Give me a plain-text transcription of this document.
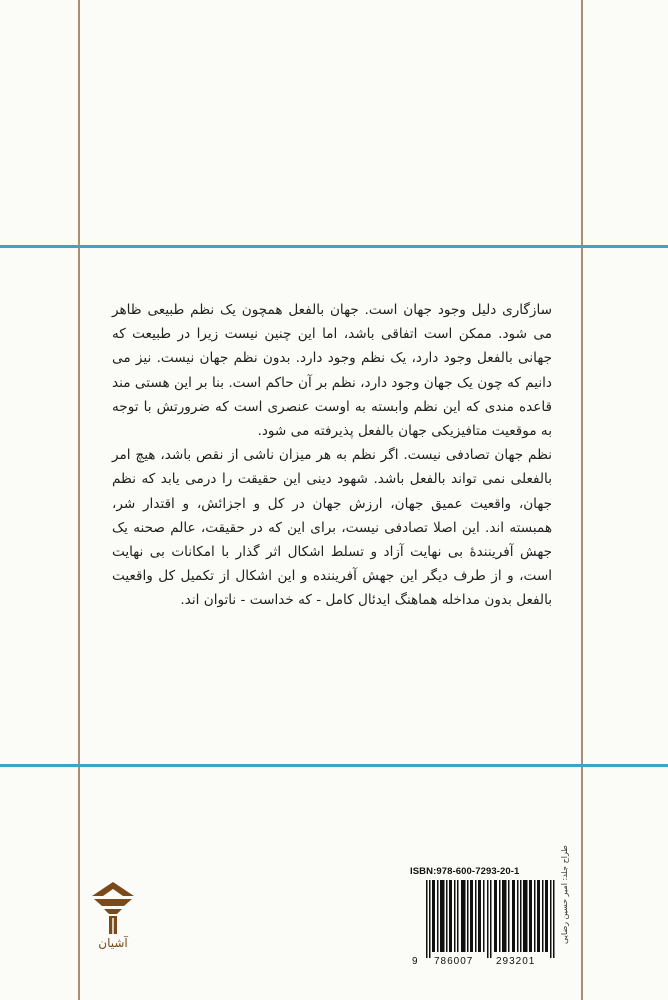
سازگاری دلیل وجود جهان است. جهان بالفعل همچون یک نظم طبیعی ظاهر می شود. ممکن است اتفاقی باشد، اما این چنین نیست زیرا در طبیعت که جهانی بالفعل وجود دارد، یک نظم وجود دارد. بدون نظم جهان نیست. نیز می دانیم که چون یک جهان وجود دارد، نظم بر آن حاکم است. بنا بر این هستی مند قاعده مندی که این نظم وابسته به اوست عنصری است که ضرورتش با توجه به موقعیت متافیزیکی جهان بالفعل پذیرفته می شود.

نظم جهان تصادفی نیست. اگر نظم به هر میزان ناشی از نقص باشد، هیچ امر بالفعلی نمی تواند بالفعل باشد. شهود دینی این حقیقت را درمی یابد که نظم جهان، واقعیت عمیق جهان، ارزش جهان در کل و اجزائش، و اقتدار شر، همبسته اند. این اصلا تصادفی نیست، برای این که در حقیقت، عالم صحنه یک جهش آفرینندهٔ بی نهایت آزاد و تسلط اشکال اثر گذار با امکانات بی نهایت است، و از طرف دیگر این جهش آفریننده و این اشکال از تکمیل کل واقعیت بالفعل بدون مداخله هماهنگ ایدئال کامل - که خداست - ناتوان اند.

آشیان
ISBN:978-600-7293-20-1
9 786007 293201
طراح جلد: امیر حسین رضایی
